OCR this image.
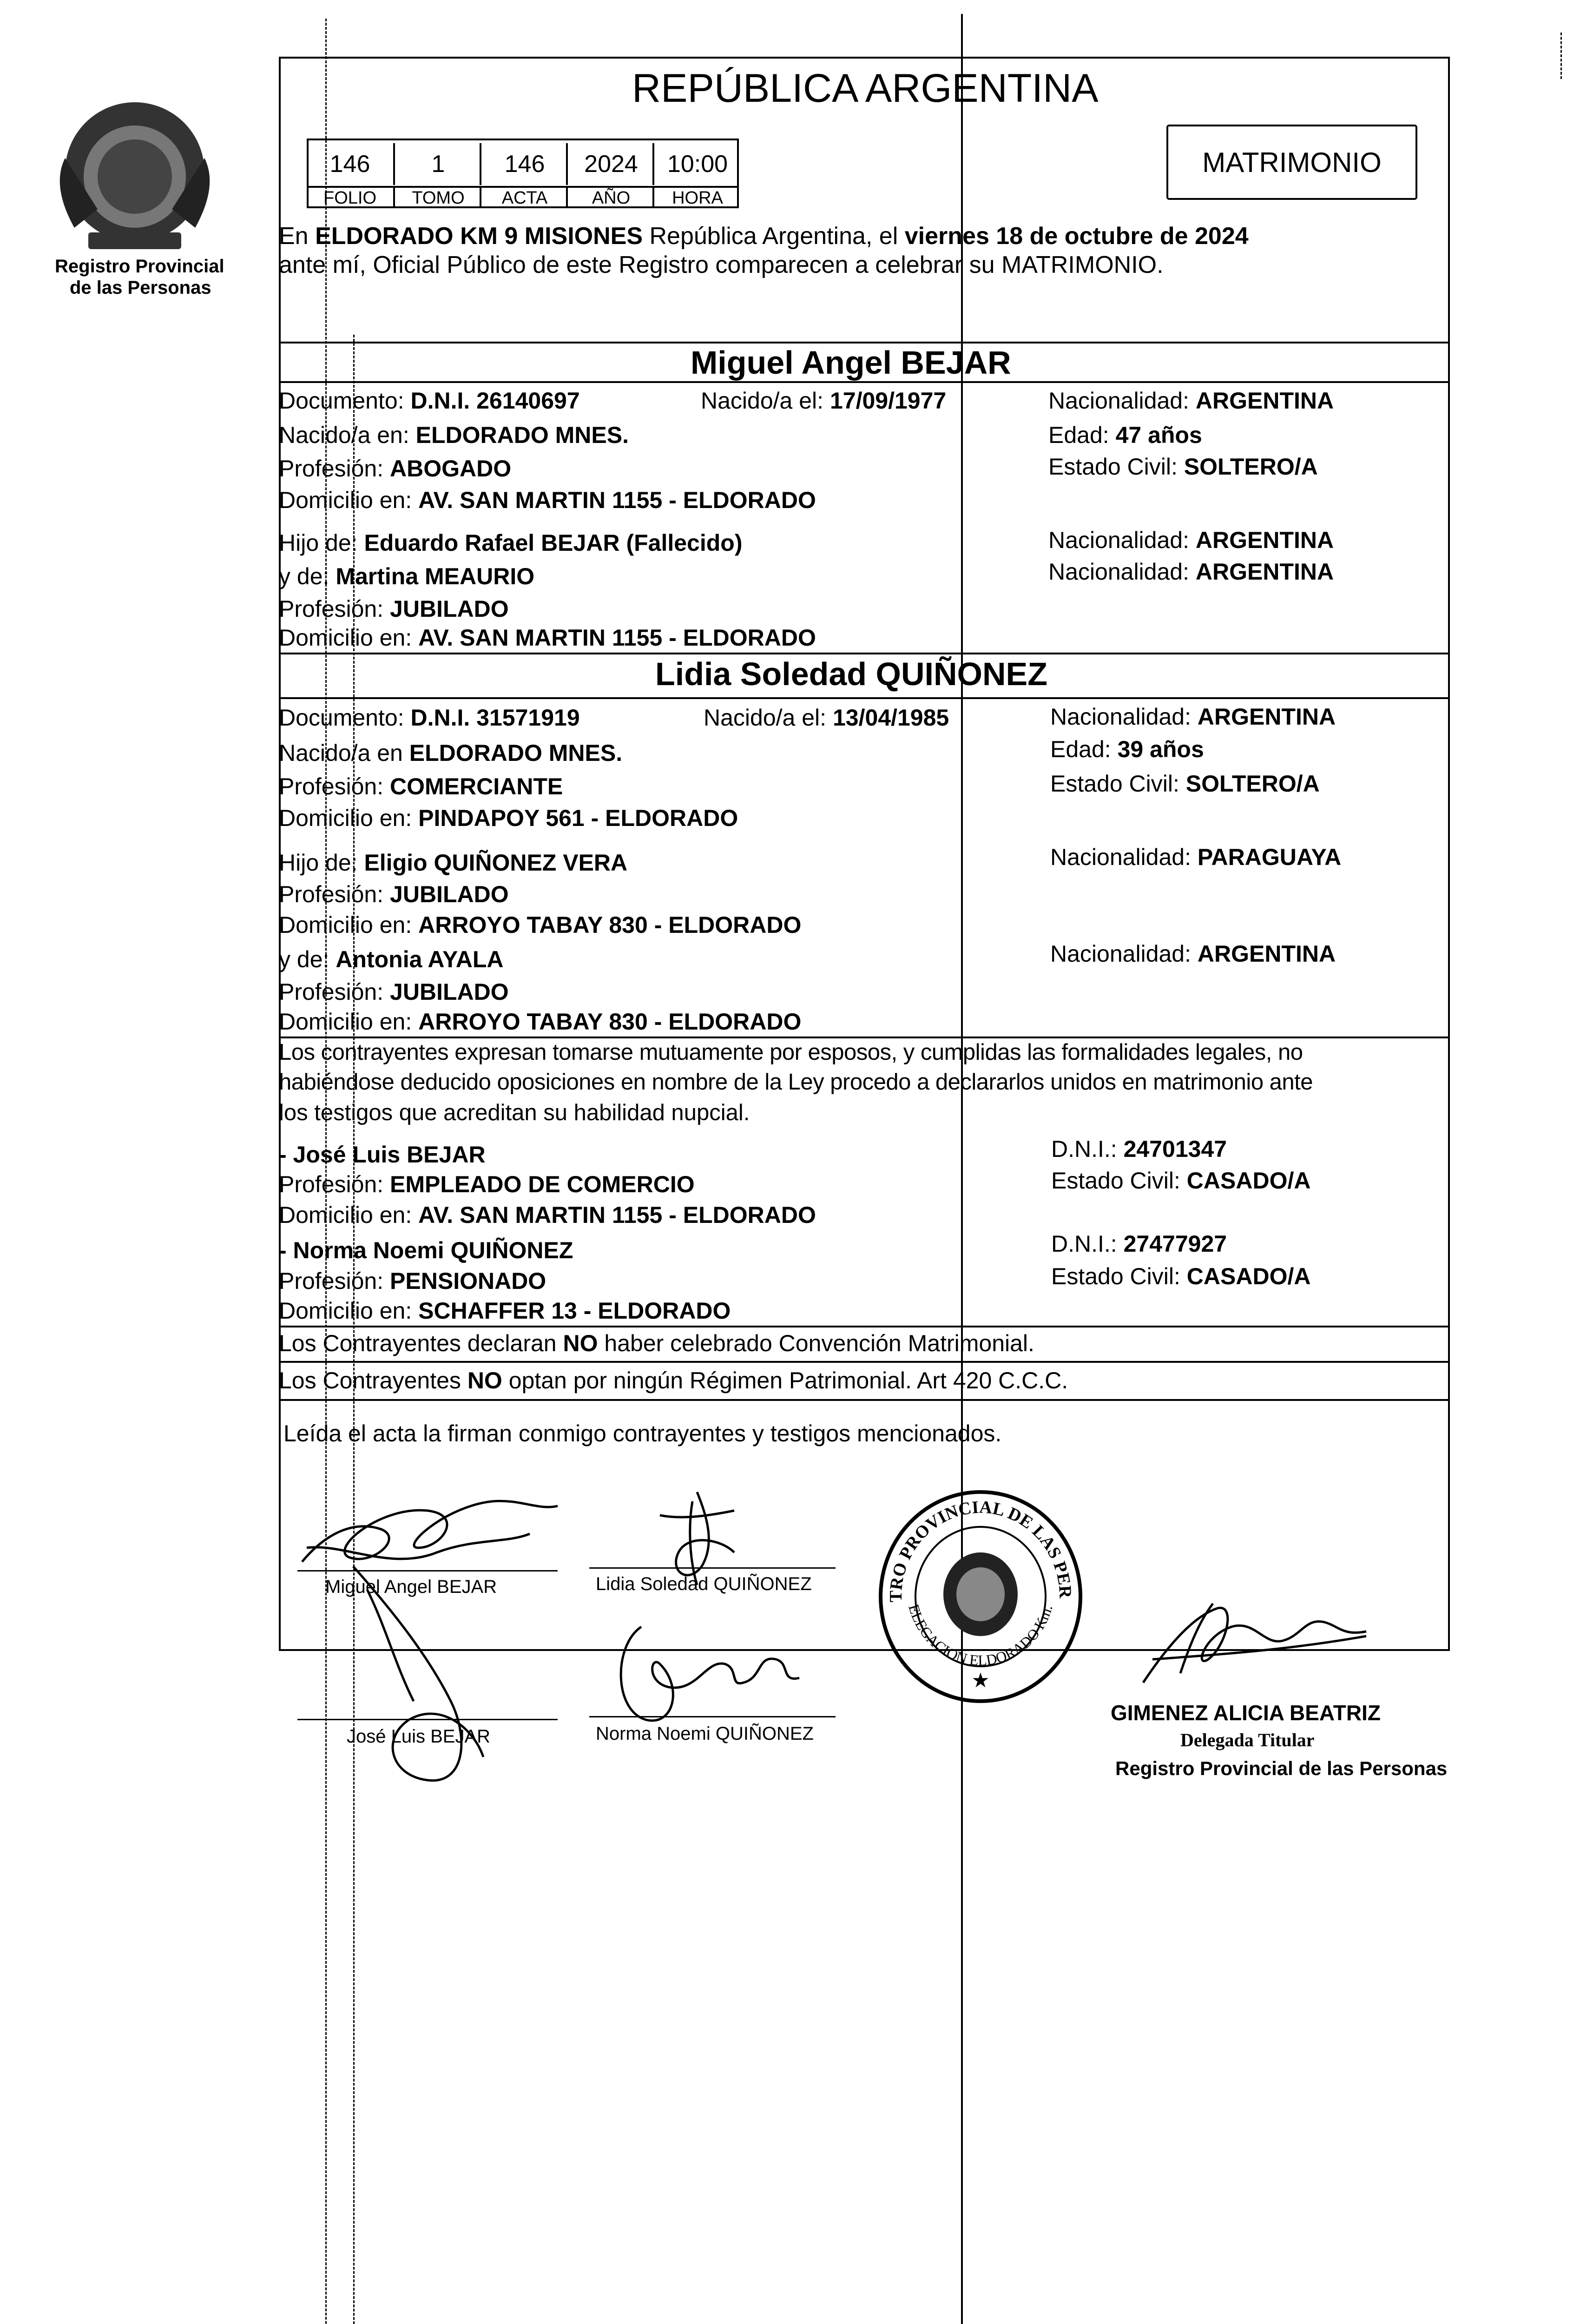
Registro Provincial
de las Personas
REPÚBLICA ARGENTINA
146	1	146	2024	10:00
FOLIO	TOMO	ACTA	AÑO	HORA
MATRIMONIO
En ELDORADO KM 9 MISIONES República Argentina, el viernes 18 de octubre de 2024
ante mí, Oficial Público de este Registro comparecen a celebrar su MATRIMONIO.
Miguel Angel BEJAR
Documento: D.N.I. 26140697	Nacido/a el: 17/09/1977	Nacionalidad: ARGENTINA
Nacido/a en: ELDORADO MNES.	Edad: 47 años
Profesión: ABOGADO	Estado Civil: SOLTERO/A
Domicilio en: AV. SAN MARTIN 1155 - ELDORADO
Hijo de: Eduardo Rafael BEJAR (Fallecido)	Nacionalidad: ARGENTINA
y de: Martina MEAURIO	Nacionalidad: ARGENTINA
Profesión: JUBILADO
Domicilio en: AV. SAN MARTIN 1155 - ELDORADO
Lidia Soledad QUIÑONEZ
Documento: D.N.I. 31571919	Nacido/a el: 13/04/1985	Nacionalidad: ARGENTINA
Nacido/a en ELDORADO MNES.	Edad: 39 años
Profesión: COMERCIANTE	Estado Civil: SOLTERO/A
Domicilio en: PINDAPOY 561 - ELDORADO
Hijo de: Eligio QUIÑONEZ VERA	Nacionalidad: PARAGUAYA
Profesión: JUBILADO
Domicilio en: ARROYO TABAY 830 - ELDORADO
y de: Antonia AYALA	Nacionalidad: ARGENTINA
Profesión: JUBILADO
Domicilio en: ARROYO TABAY 830 - ELDORADO
Los contrayentes expresan tomarse mutuamente por esposos, y cumplidas las formalidades legales, no
habiéndose deducido oposiciones en nombre de la Ley procedo a declararlos unidos en matrimonio ante
los testigos que acreditan su habilidad nupcial.
- José Luis BEJAR	D.N.I.: 24701347
Profesión: EMPLEADO DE COMERCIO	Estado Civil: CASADO/A
Domicilio en: AV. SAN MARTIN 1155 - ELDORADO
- Norma Noemi QUIÑONEZ	D.N.I.: 27477927
Profesión: PENSIONADO	Estado Civil: CASADO/A
Domicilio en: SCHAFFER 13 - ELDORADO
Los Contrayentes declaran NO haber celebrado Convención Matrimonial.
Los Contrayentes NO optan por ningún Régimen Patrimonial. Art 420 C.C.C.
Leída el acta la firman conmigo contrayentes y testigos mencionados.
Miguel Angel BEJAR	Lidia Soledad QUIÑONEZ
José Luis BEJAR	Norma Noemi QUIÑONEZ
TRO PROVINCIAL DE LAS PER
ELEGACION ELDORADO Km.
★
GIMENEZ ALICIA BEATRIZ
Delegada Titular
Registro Provincial de las Personas
